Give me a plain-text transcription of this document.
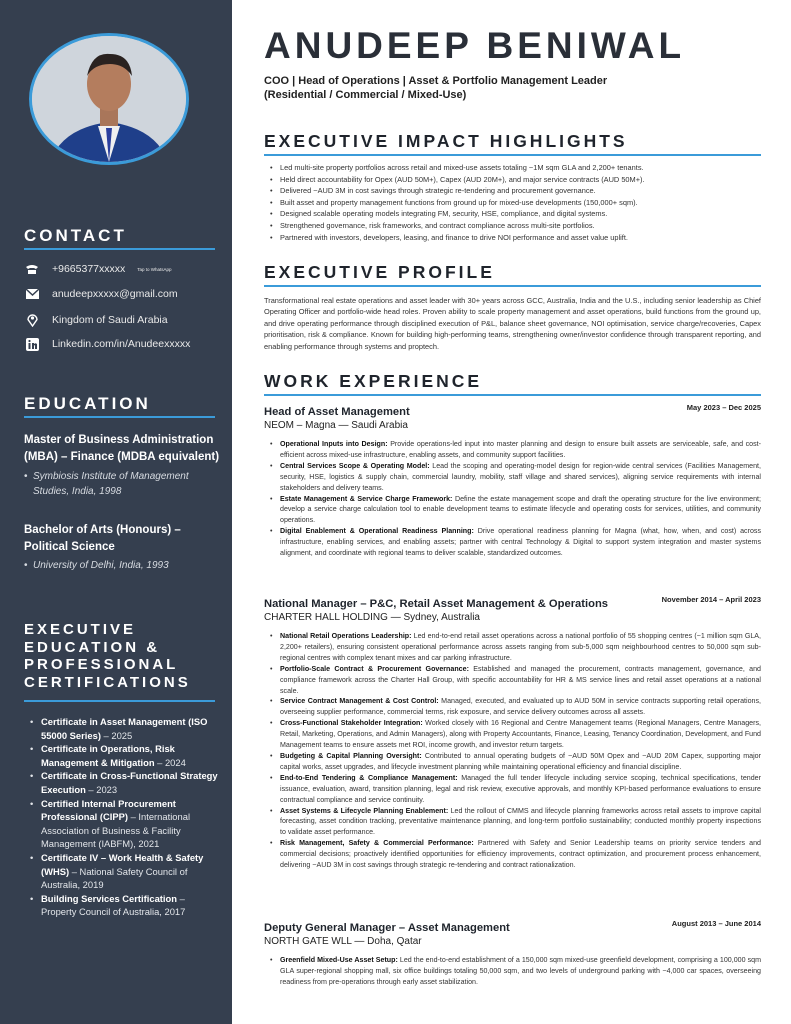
CONTACT
+9665377xxxxx	Tap to WhatsApp
anudeepxxxxx@gmail.com
Kingdom of Saudi Arabia
Linkedin.com/in/Anudeexxxxx
EDUCATION
Master of Business Administration (MBA) – Finance (MDBA equivalent)
• Symbiosis Institute of Management Studies, India, 1998
Bachelor of Arts (Honours) – Political Science
• University of Delhi, India, 1993
EXECUTIVE EDUCATION & PROFESSIONAL CERTIFICATIONS
• Certificate in Asset Management (ISO 55000 Series) – 2025
• Certificate in Operations, Risk Management & Mitigation – 2024
• Certificate in Cross-Functional Strategy Execution – 2023
• Certified Internal Procurement Professional (CIPP) – International Association of Business & Facility Management (IABFM), 2021
• Certificate IV – Work Health & Safety (WHS) – National Safety Council of Australia, 2019
• Building Services Certification – Property Council of Australia, 2017
ANUDEEP BENIWAL
COO | Head of Operations | Asset & Portfolio Management Leader
(Residential / Commercial / Mixed-Use)
EXECUTIVE IMPACT HIGHLIGHTS
• Led multi-site property portfolios across retail and mixed-use assets totaling ~1M sqm GLA and 2,200+ tenants.
• Held direct accountability for Opex (AUD 50M+), Capex (AUD 20M+), and major service contracts (AUD 50M+).
• Delivered ~AUD 3M in cost savings through strategic re-tendering and procurement governance.
• Built asset and property management functions from ground up for mixed-use developments (150,000+ sqm).
• Designed scalable operating models integrating FM, security, HSE, compliance, and digital systems.
• Strengthened governance, risk frameworks, and contract compliance across multi-site portfolios.
• Partnered with investors, developers, leasing, and finance to drive NOI performance and asset value uplift.
EXECUTIVE PROFILE

Transformational real estate operations and asset leader with 30+ years across GCC, Australia, India and the U.S., including senior leadership as Chief Operating Officer and portfolio-wide head roles. Proven ability to scale property management and asset operations, build functions from the ground up, and drive operating performance through disciplined execution of P&L, balance sheet governance, NOI optimisation, service charge/recoveries, Capex prioritisation, risk & compliance. Known for building high-performing teams, strengthening owner/investor confidence through transparent reporting, and enabling performance through systems and proptech.

WORK EXPERIENCE
Head of Asset Management	May 2023 – Dec 2025
NEOM – Magna — Saudi Arabia
• Operational Inputs into Design: Provide operations-led input into master planning and design to ensure built assets are serviceable, safe, and cost-efficient across mixed-use infrastructure, enabling assets, and community support facilities.
• Central Services Scope & Operating Model: Lead the scoping and operating-model design for region-wide central services (Facilities Management, security, HSE, logistics & supply chain, commercial laundry, mobility, staff village and shared services), aligning service requirements with internal stakeholders and delivery teams.
• Estate Management & Service Charge Framework: Define the estate management scope and draft the operating structure for the live environment; develop a service charge calculation tool to enable development teams to estimate lifecycle and operating costs for services, utilities, and community operations.
• Digital Enablement & Operational Readiness Planning: Drive operational readiness planning for Magna (what, how, when, and cost) across infrastructure, enabling services, and enabling assets; partner with central Technology & Digital to support system integration and master systems alignment, and coordinate with regional teams to deliver scalable, standardized outcomes.
National Manager – P&C, Retail Asset Management & Operations	November 2014 – April 2023
CHARTER HALL HOLDING — Sydney, Australia
• National Retail Operations Leadership: Led end-to-end retail asset operations across a national portfolio of 55 shopping centres (~1 million sqm GLA, 2,200+ retailers), ensuring consistent operational performance across assets ranging from sub-5,000 sqm neighbourhood centres to 50,000 sqm sub-regional centres with complex tenant mixes and car parking infrastructure.
• Portfolio-Scale Contract & Procurement Governance: Established and managed the procurement, contracts management, governance, and compliance framework across the Charter Hall Group, with specific accountability for HR & MS service lines and retail asset operations at a national scale.
• Service Contract Management & Cost Control: Managed, executed, and evaluated up to AUD 50M in service contracts supporting retail operations, overseeing supplier performance, commercial terms, risk exposure, and service delivery outcomes across all assets.
• Cross-Functional Stakeholder Integration: Worked closely with 16 Regional and Centre Management teams (Regional Managers, Centre Managers, Retail, Marketing, Operations, and Admin Managers), along with Property Accountants, Finance, Leasing, Tenancy Coordination, Development, and Fund Management teams to ensure assets met ROI, income growth, and investor return targets.
• Budgeting & Capital Planning Oversight: Contributed to annual operating budgets of ~AUD 50M Opex and ~AUD 20M Capex, supporting major capital works, asset upgrades, and lifecycle investment planning while maintaining operational efficiency and financial discipline.
• End-to-End Tendering & Compliance Management: Managed the full tender lifecycle including service scoping, technical specifications, tender issuance, evaluation, award, transition planning, legal and risk review, executive approvals, and monthly KPI-based performance evaluations to ensure contractual compliance and service continuity.
• Asset Systems & Lifecycle Planning Enablement: Led the rollout of CMMS and lifecycle planning frameworks across retail assets to improve capital forecasting, asset condition tracking, preventative maintenance planning, and long-term portfolio sustainability; conducted monthly property inspections to validate asset performance.
• Risk Management, Safety & Commercial Performance: Partnered with Safety and Senior Leadership teams on priority service tenders and commercial decisions; proactively identified opportunities for efficiency improvements, contract optimization, and procurement process enhancement, delivering ~AUD 3M in cost savings through strategic re-tendering and contract rationalization.
Deputy General Manager – Asset Management	August 2013 – June 2014
NORTH GATE WLL — Doha, Qatar
• Greenfield Mixed-Use Asset Setup: Led the end-to-end establishment of a 150,000 sqm mixed-use greenfield development, comprising a 100,000 sqm GLA super-regional shopping mall, six office buildings totaling 50,000 sqm, and two levels of underground parking with ~4,000 car spaces, overseeing readiness from pre-operations through early asset stabilization.
